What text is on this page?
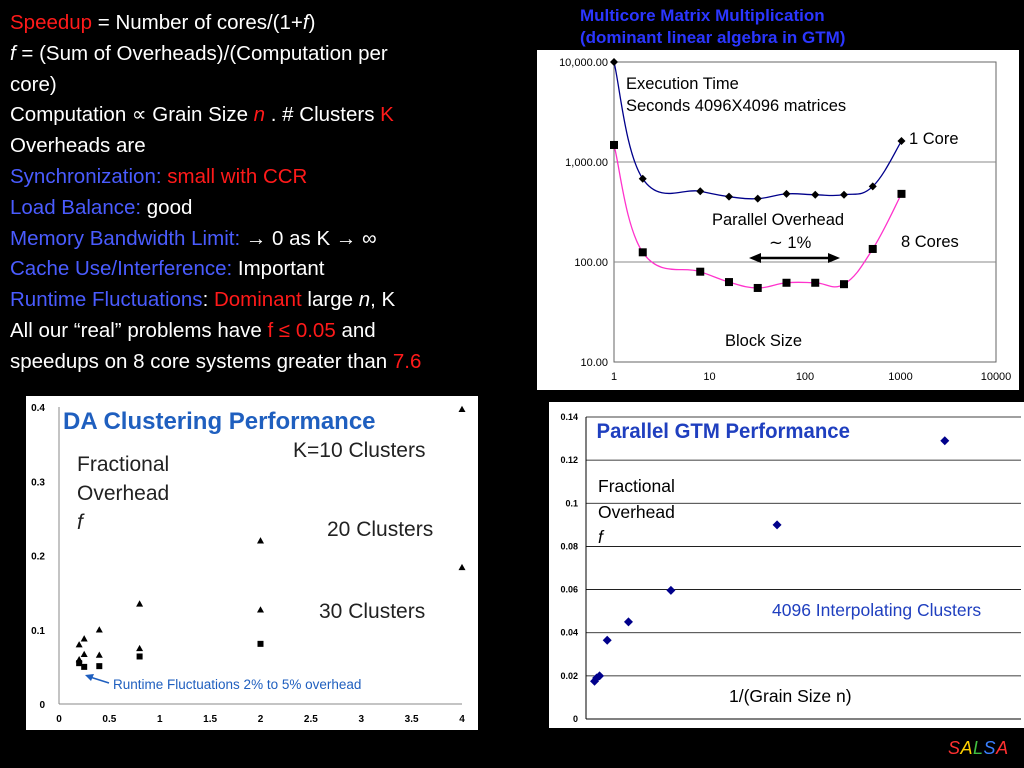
Speedup = Number of cores/(1+f)
f = (Sum of Overheads)/(Computation per
core)
Computation ∝ Grain Size n . # Clusters K
Overheads are
Synchronization: small with CCR
Load Balance: good
Memory Bandwidth Limit: → 0 as K → ∞
Cache Use/Interference: Important
Runtime Fluctuations: Dominant large n, K
All our “real” problems have f ≤ 0.05 and
speedups on 8 core systems greater than 7.6
Multicore Matrix Multiplication
(dominant linear algebra in GTM)
10.00
100.00
1,000.00
10,000.00
1	10	100	1000	10000
Execution Time
Seconds 4096X4096 matrices
1 Core
8 Cores
Parallel Overhead
∼ 1%
Block Size
0
0.1
0.2
0.3
0.4
0	0.5	1	1.5	2	2.5	3	3.5	4
DA Clustering Performance
Fractional
Overhead
f
K=10 Clusters
20 Clusters
30 Clusters
Runtime Fluctuations 2% to 5% overhead
0
0.02
0.04
0.06
0.08
0.1
0.12
0.14
Parallel GTM Performance
Fractional
Overhead
f
4096 Interpolating Clusters
1/(Grain Size n)
SALSA
